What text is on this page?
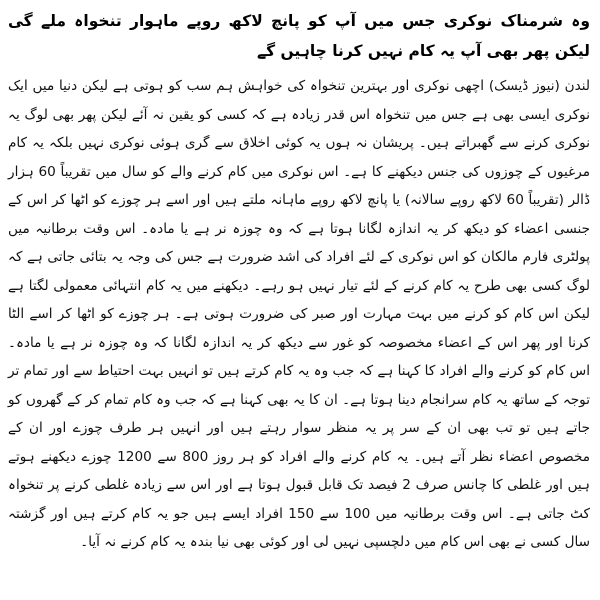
وہ شرمناک نوکری جس میں آپ کو پانچ لاکھ روپے ماہوار تنخواہ ملے گی لیکن پھر بھی آپ یہ کام نہیں کرنا چاہیں گے

لندن (نیوز ڈیسک) اچھی نوکری اور بہترین تنخواہ کی خواہش ہم سب کو ہوتی ہے لیکن دنیا میں ایک نوکری ایسی بھی ہے جس میں تنخواہ اس قدر زیادہ ہے کہ کسی کو یقین نہ آئے لیکن پھر بھی لوگ یہ نوکری کرنے سے گھبراتے ہیں۔ پریشان نہ ہوں یہ کوئی اخلاق سے گری ہوئی نوکری نہیں بلکہ یہ کام مرغیوں کے چوزوں کی جنس دیکھنے کا ہے۔ اس نوکری میں کام کرنے والے کو سال میں تقریباً 60 ہزار ڈالر (تقریباً 60 لاکھ روپے سالانہ) یا پانچ لاکھ روپے ماہانہ ملتے ہیں اور اسے ہر چوزے کو اٹھا کر اس کے جنسی اعضاء کو دیکھ کر یہ اندازہ لگانا ہوتا ہے کہ وہ چوزہ نر ہے یا مادہ۔ اس وقت برطانیہ میں پولٹری فارم مالکان کو اس نوکری کے لئے افراد کی اشد ضرورت ہے جس کی وجہ یہ بتائی جاتی ہے کہ لوگ کسی بھی طرح یہ کام کرنے کے لئے تیار نہیں ہو رہے۔ دیکھنے میں یہ کام انتہائی معمولی لگتا ہے لیکن اس کام کو کرنے میں بہت مہارت اور صبر کی ضرورت ہوتی ہے۔ ہر چوزے کو اٹھا کر اسے الٹا کرنا اور پھر اس کے اعضاء مخصوصہ کو غور سے دیکھ کر یہ اندازہ لگانا کہ وہ چوزہ نر ہے یا مادہ۔ اس کام کو کرنے والے افراد کا کہنا ہے کہ جب وہ یہ کام کرتے ہیں تو انہیں بہت احتیاط سے اور تمام تر توجہ کے ساتھ یہ کام سرانجام دینا ہوتا ہے۔ ان کا یہ بھی کہنا ہے کہ جب وہ کام تمام کر کے گھروں کو جاتے ہیں تو تب بھی ان کے سر پر یہ منظر سوار رہتے ہیں اور انہیں ہر طرف چوزے اور ان کے مخصوص اعضاء نظر آتے ہیں۔ یہ کام کرنے والے افراد کو ہر روز 800 سے 1200 چوزے دیکھنے ہوتے ہیں اور غلطی کا چانس صرف 2 فیصد تک قابل قبول ہوتا ہے اور اس سے زیادہ غلطی کرنے پر تنخواہ کٹ جاتی ہے۔ اس وقت برطانیہ میں 100 سے 150 افراد ایسے ہیں جو یہ کام کرتے ہیں اور گزشتہ سال کسی نے بھی اس کام میں دلچسپی نہیں لی اور کوئی بھی نیا بندہ یہ کام کرنے نہ آیا۔
